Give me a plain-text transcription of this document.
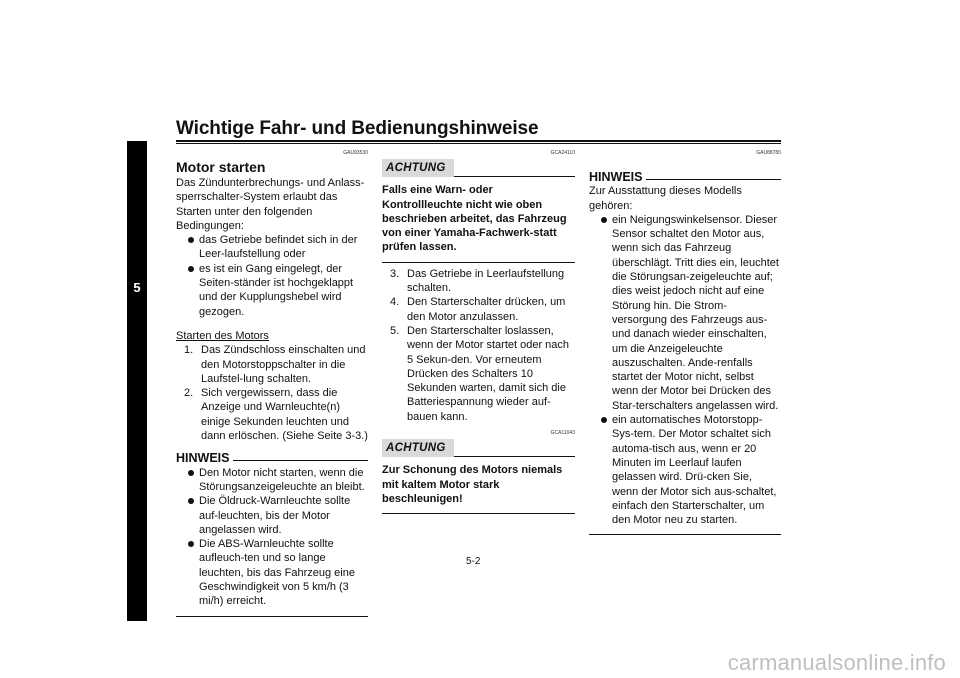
Wichtige Fahr- und Bedienungshinweise
5
GAU93530
Motor starten

Das Zündunterbrechungs- und Anlass-sperrschalter-System erlaubt das Starten unter den folgenden Bedingungen:

das Getriebe befindet sich in der Leer-laufstellung oder
es ist ein Gang eingelegt, der Seiten-ständer ist hochgeklappt und der Kupplungshebel wird gezogen.

Starten des Motors

1. Das Zündschloss einschalten und den Motorstoppschalter in die Laufstel-lung schalten.
2. Sich vergewissern, dass die Anzeige und Warnleuchte(n) einige Sekunden leuchten und dann erlöschen. (Siehe Seite 3-3.)
HINWEIS
Den Motor nicht starten, wenn die Störungsanzeigeleuchte an bleibt.
Die Öldruck-Warnleuchte sollte auf-leuchten, bis der Motor angelassen wird.
Die ABS-Warnleuchte sollte aufleuch-ten und so lange leuchten, bis das Fahrzeug eine Geschwindigkeit von 5 km/h (3 mi/h) erreicht.
GCA24110
ACHTUNG

Falls eine Warn- oder Kontrollleuchte nicht wie oben beschrieben arbeitet, das Fahrzeug von einer Yamaha-Fachwerk-statt prüfen lassen.

3. Das Getriebe in Leerlaufstellung schalten.
4. Den Starterschalter drücken, um den Motor anzulassen.
5. Den Starterschalter loslassen, wenn der Motor startet oder nach 5 Sekun-den. Vor erneutem Drücken des Schalters 10 Sekunden warten, damit sich die Batteriespannung wieder auf-bauen kann.
GCA11043
ACHTUNG

Zur Schonung des Motors niemals mit kaltem Motor stark beschleunigen!

GAU88780
HINWEIS

Zur Ausstattung dieses Modells gehören:

ein Neigungswinkelsensor. Dieser Sensor schaltet den Motor aus, wenn sich das Fahrzeug überschlägt. Tritt dies ein, leuchtet die Störungsan-zeigeleuchte auf; dies weist jedoch nicht auf eine Störung hin. Die Strom-versorgung des Fahrzeugs aus- und danach wieder einschalten, um die Anzeigeleuchte auszuschalten. Ande-renfalls startet der Motor nicht, selbst wenn der Motor bei Drücken des Star-terschalters angelassen wird.
ein automatisches Motorstopp-Sys-tem. Der Motor schaltet sich automa-tisch aus, wenn er 20 Minuten im Leerlauf laufen gelassen wird. Drü-cken Sie, wenn der Motor sich aus-schaltet, einfach den Starterschalter, um den Motor neu zu starten.
5-2
carmanualsonline.info
